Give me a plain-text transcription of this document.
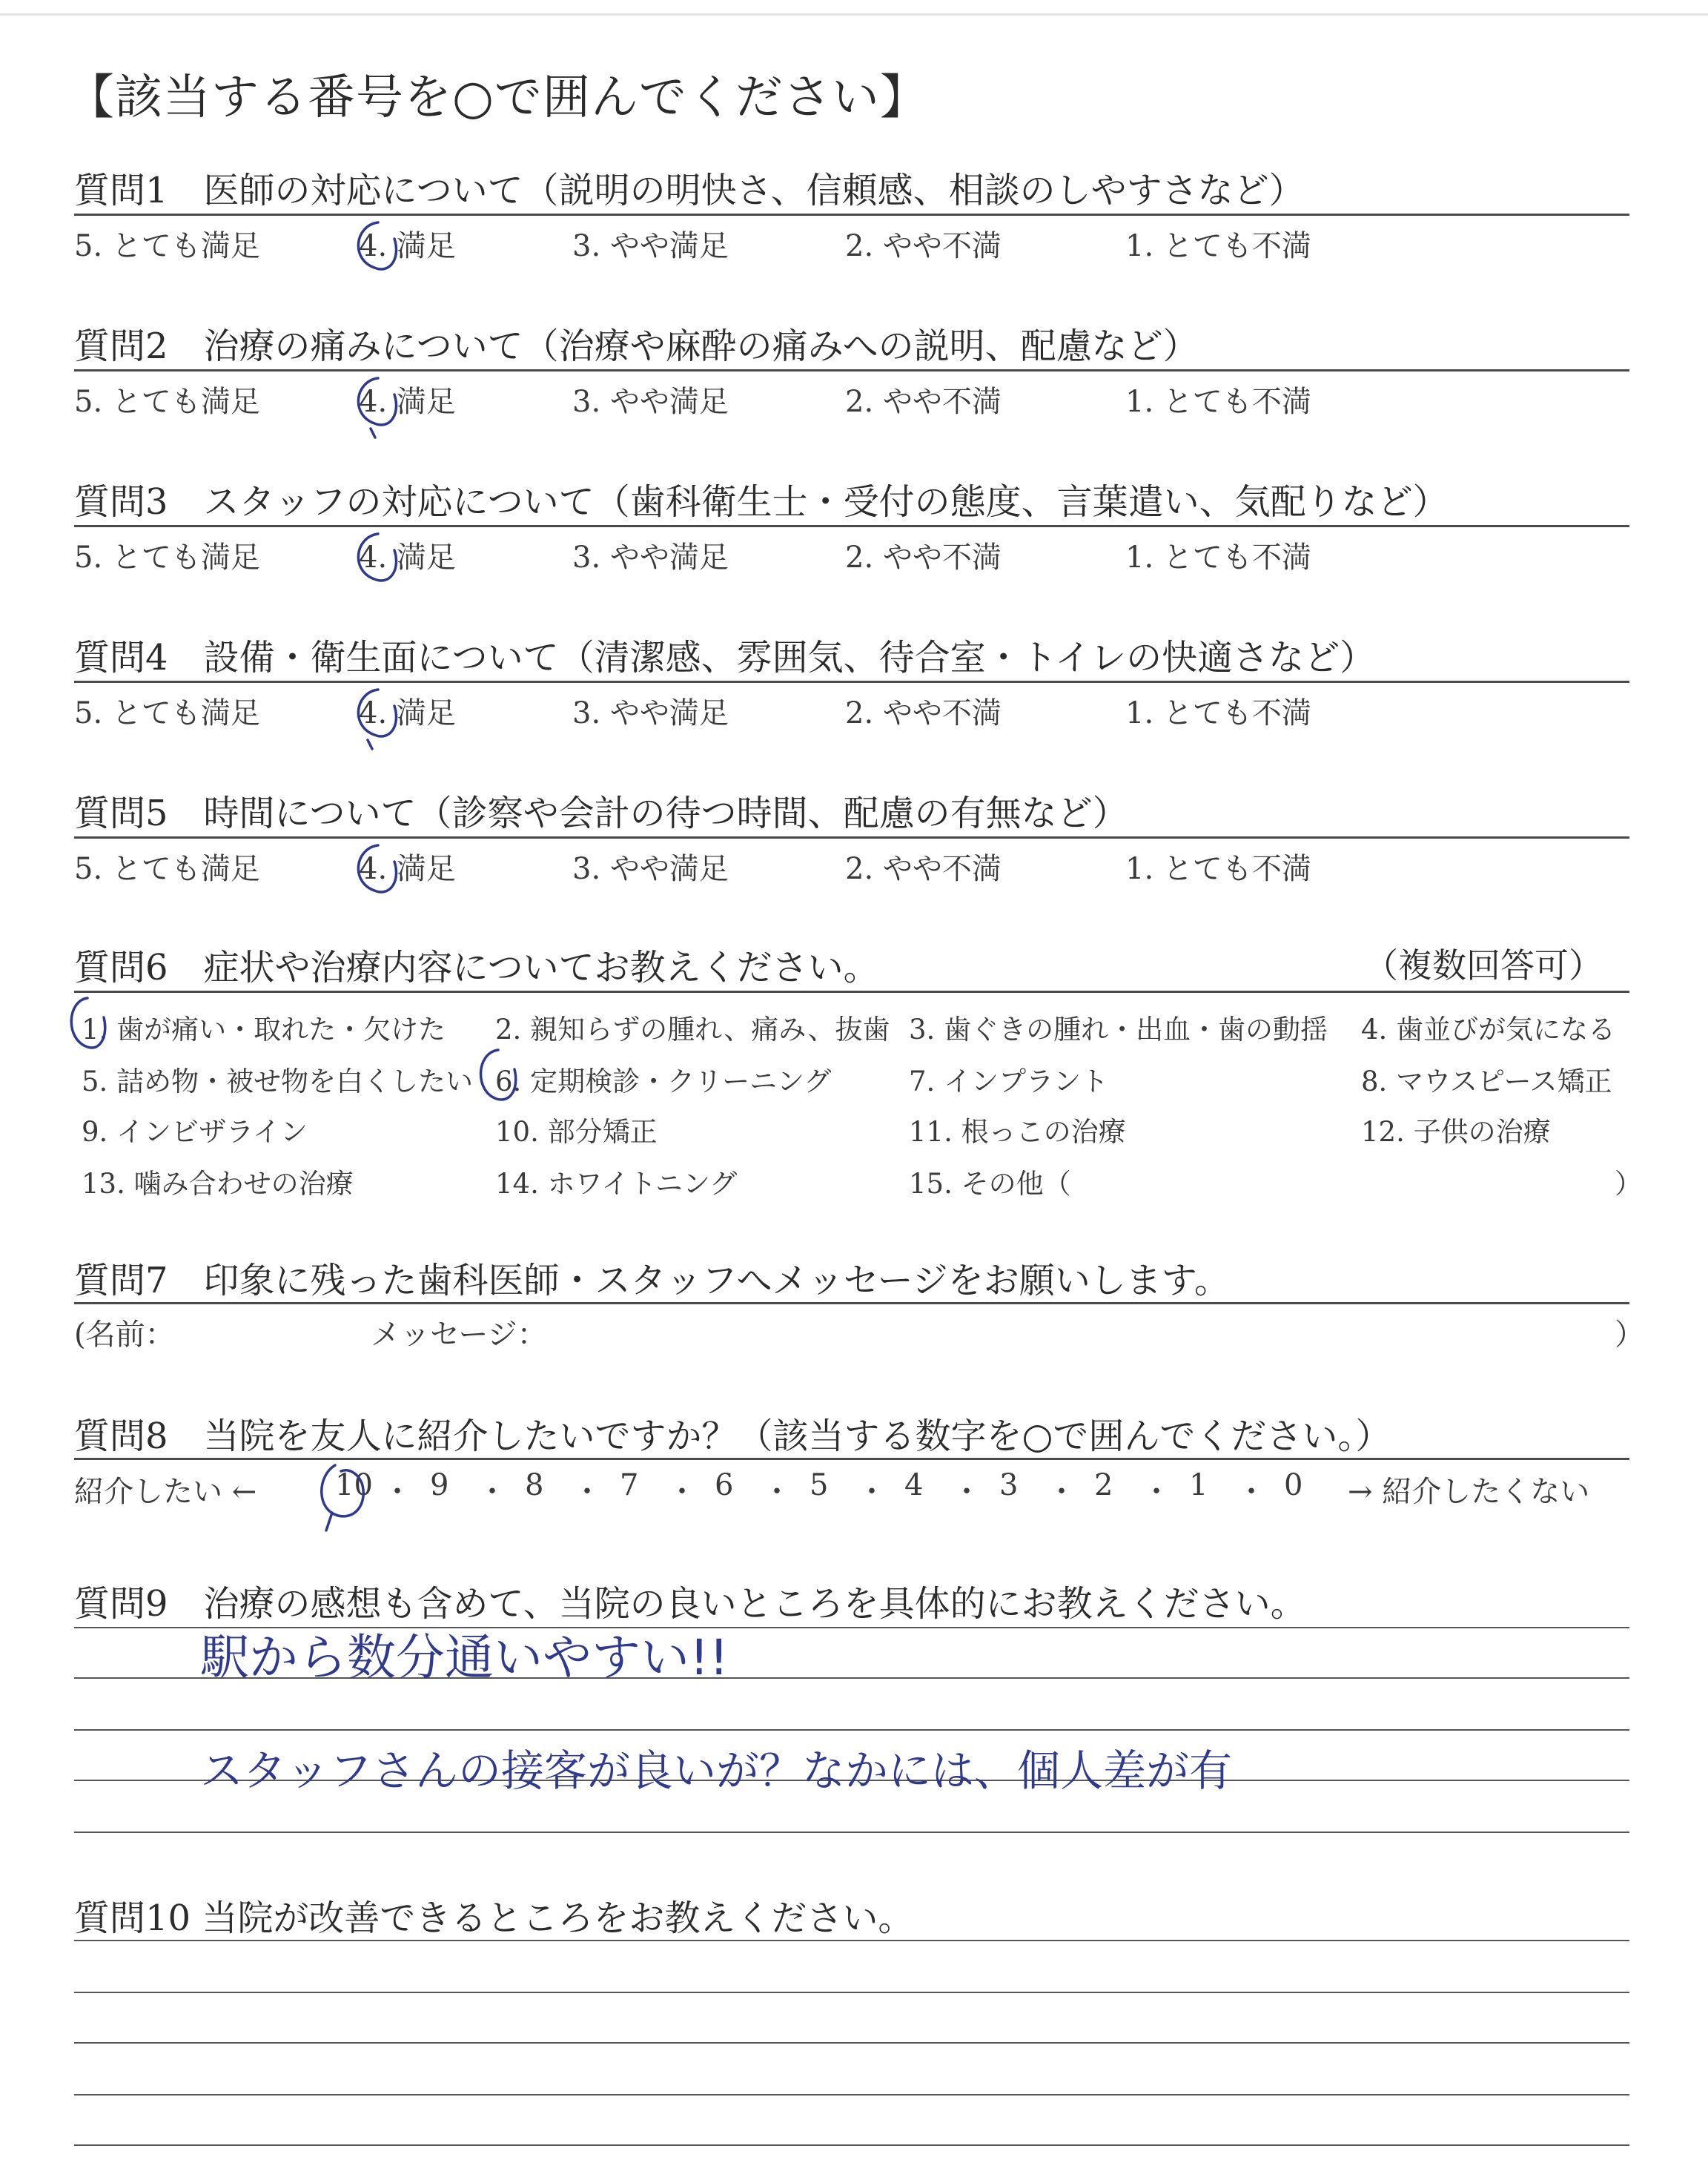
【該当する番号を○で囲んでください】
質問1　医師の対応について（説明の明快さ、信頼感、相談のしやすさなど）
5. とても満足	4. 満足	3. やや満足	2. やや不満	1. とても不満
質問2　治療の痛みについて（治療や麻酔の痛みへの説明、配慮など）
5. とても満足	4. 満足	3. やや満足	2. やや不満	1. とても不満
質問3　スタッフの対応について（歯科衛生士・受付の態度、言葉遣い、気配りなど）
5. とても満足	4. 満足	3. やや満足	2. やや不満	1. とても不満
質問4　設備・衛生面について（清潔感、雰囲気、待合室・トイレの快適さなど）
5. とても満足	4. 満足	3. やや満足	2. やや不満	1. とても不満
質問5　時間について（診察や会計の待つ時間、配慮の有無など）
5. とても満足	4. 満足	3. やや満足	2. やや不満	1. とても不満
質問6　症状や治療内容についてお教えください。	（複数回答可）
1. 歯が痛い・取れた・欠けた 2. 親知らずの腫れ、痛み、抜歯 3. 歯ぐきの腫れ・出血・歯の動揺 4. 歯並びが気になる
5. 詰め物・被せ物を白くしたい 6. 定期検診・クリーニング	7. インプラント	8. マウスピース矯正
9. インビザライン	10. 部分矯正	11. 根っこの治療	12. 子供の治療
13. 噛み合わせの治療	14. ホワイトニング	15. その他（	）
質問7　印象に残った歯科医師・スタッフへメッセージをお願いします。
(名前：	メッセージ：	）
質問8　当院を友人に紹介したいですか？（該当する数字を○で囲んでください。）
紹介したい ←	10 ・ 9 ・ 8 ・ 7 ・ 6 ・ 5 ・ 4 ・ 3 ・ 2 ・ 1 ・ 0 → 紹介したくない
質問9　治療の感想も含めて、当院の良いところを具体的にお教えください。
質問10 当院が改善できるところをお教えください。
駅から数分通いやすい!!
スタッフさんの接客が良いが？なかには、個人差が有
